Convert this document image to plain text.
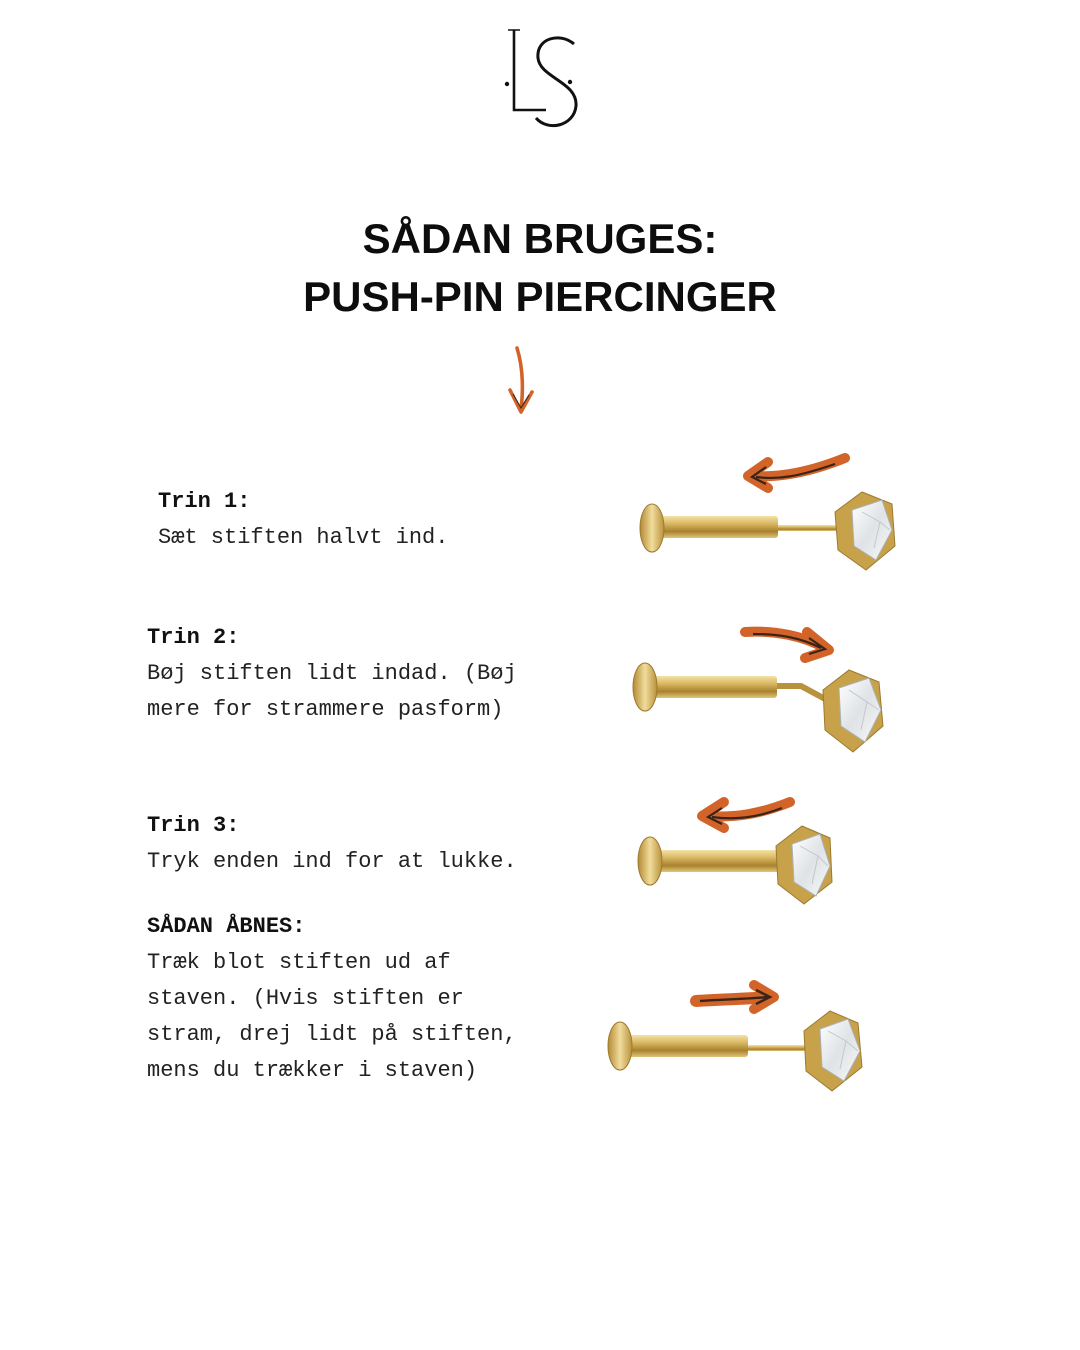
SÅDAN BRUGES:
PUSH-PIN PIERCINGER

Trin 1:
Sæt stiften halvt ind.

Trin 2:
Bøj stiften lidt indad. (Bøj
mere for strammere pasform)

Trin 3:
Tryk enden ind for at lukke.

SÅDAN ÅBNES:
Træk blot stiften ud af
staven. (Hvis stiften er
stram, drej lidt på stiften,
mens du trækker i staven)
